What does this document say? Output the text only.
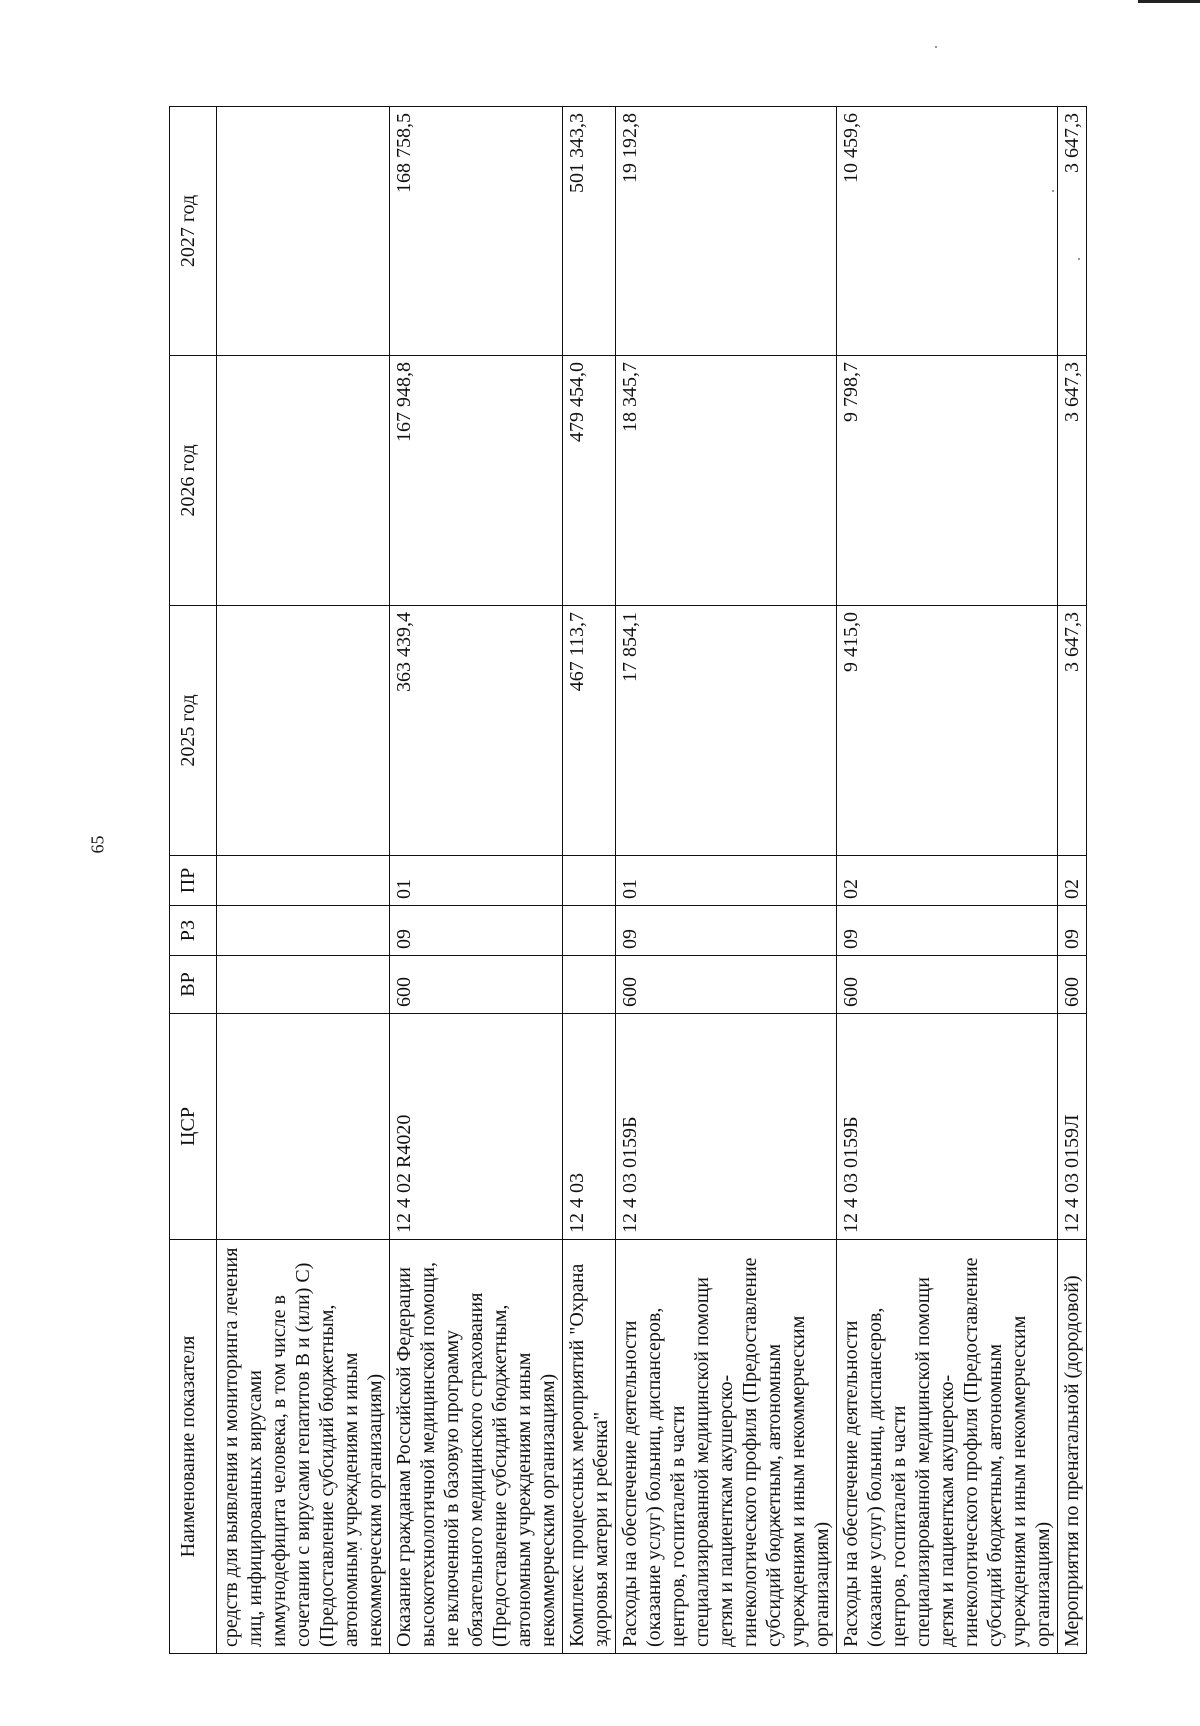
65
Наименование показателя	ЦСР	ВР	РЗ	ПР	2025 год	2026 год	2027 год
средств для выявления и мониторинга лечения лиц, инфицированных вирусами иммунодефицита человека, в том числе в сочетании с вирусами гепатитов В и (или) С) (Предоставление субсидий бюджетным, автономным учреждениям и иным некоммерческим организациям)							
Оказание гражданам Российской Федерации высокотехнологичной медицинской помощи, не включенной в базовую программу обязательного медицинского страхования (Предоставление субсидий бюджетным, автономным учреждениям и иным некоммерческим организациям)	12 4 02 R4020	600	09	01	363 439,4	167 948,8	168 758,5
Комплекс процессных мероприятий "Охрана здоровья матери и ребенка"	12 4 03				467 113,7	479 454,0	501 343,3
Расходы на обеспечение деятельности (оказание услуг) больниц, диспансеров, центров, госпиталей в части специализированной медицинской помощи детям и пациенткам акушерско-гинекологического профиля (Предоставление субсидий бюджетным, автономным учреждениям и иным некоммерческим организациям)	12 4 03 0159Б	600	09	01	17 854,1	18 345,7	19 192,8
Расходы на обеспечение деятельности (оказание услуг) больниц, диспансеров, центров, госпиталей в части специализированной медицинской помощи детям и пациенткам акушерско-гинекологического профиля (Предоставление субсидий бюджетным, автономным учреждениям и иным некоммерческим организациям)	12 4 03 0159Б	600	09	02	9 415,0	9 798,7	10 459,6
Мероприятия по пренатальной (дородовой)	12 4 03 0159Л	600	09	02	3 647,3	3 647,3	3 647,3
